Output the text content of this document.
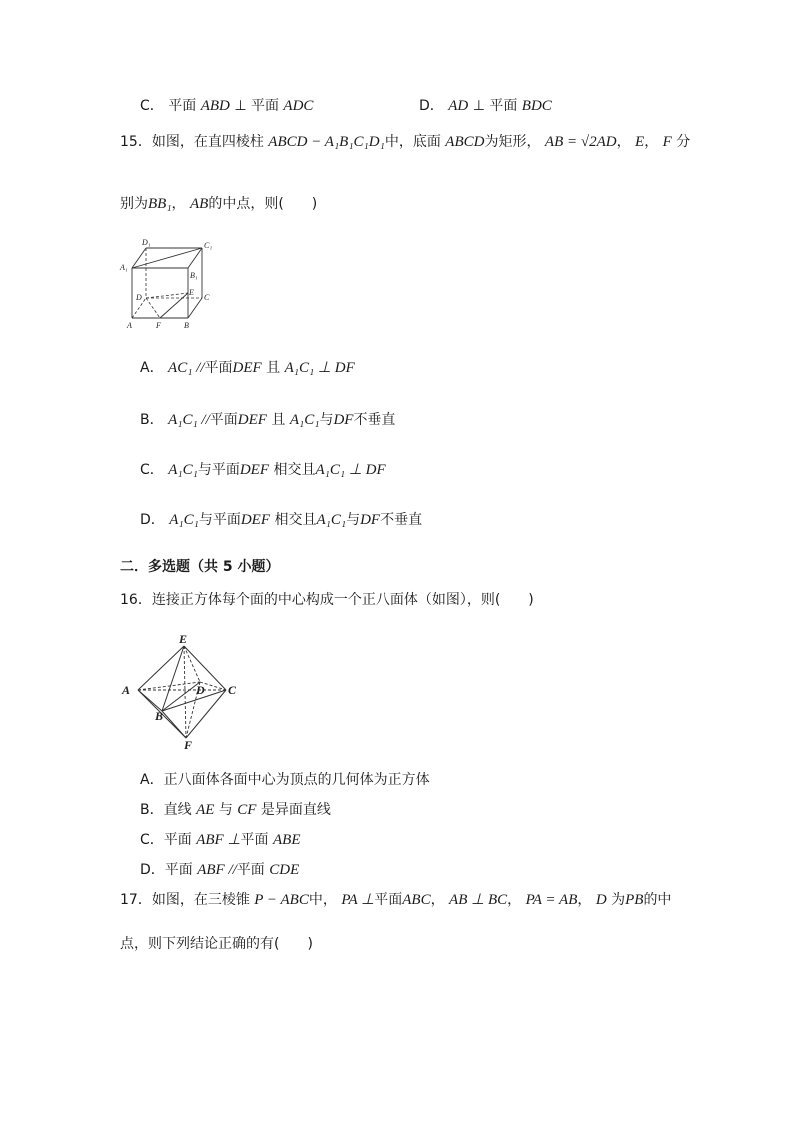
C． 平面 ABD ⊥ 平面 ADC	D． AD ⊥ 平面 BDC
15．如图，在直四棱柱 ABCD − A₁B₁C₁D₁中，底面 ABCD为矩形， AB = √2AD， E， F 分
别为BB₁， AB的中点，则(　　)
D₁	C₁
A₁
B₁
D
E
C
A	F	B
A． AC₁ //平面DEF 且 A₁C₁ ⊥ DF
B． A₁C₁ //平面DEF 且 A₁C₁与DF不垂直
C． A₁C₁与平面DEF 相交且A₁C₁ ⊥ DF
D． A₁C₁与平面DEF 相交且A₁C₁与DF不垂直
二．多选题（共 5 小题）
16．连接正方体每个面的中心构成一个正八面体（如图），则(　　)
E
A	D C
B
F
A．正八面体各面中心为顶点的几何体为正方体
B．直线 AE 与 CF 是异面直线
C．平面 ABF ⊥平面 ABE
D．平面 ABF //平面 CDE
17．如图，在三棱锥 P − ABC中， PA ⊥平面ABC， AB ⊥ BC， PA = AB， D 为PB的中
点，则下列结论正确的有(　　)
